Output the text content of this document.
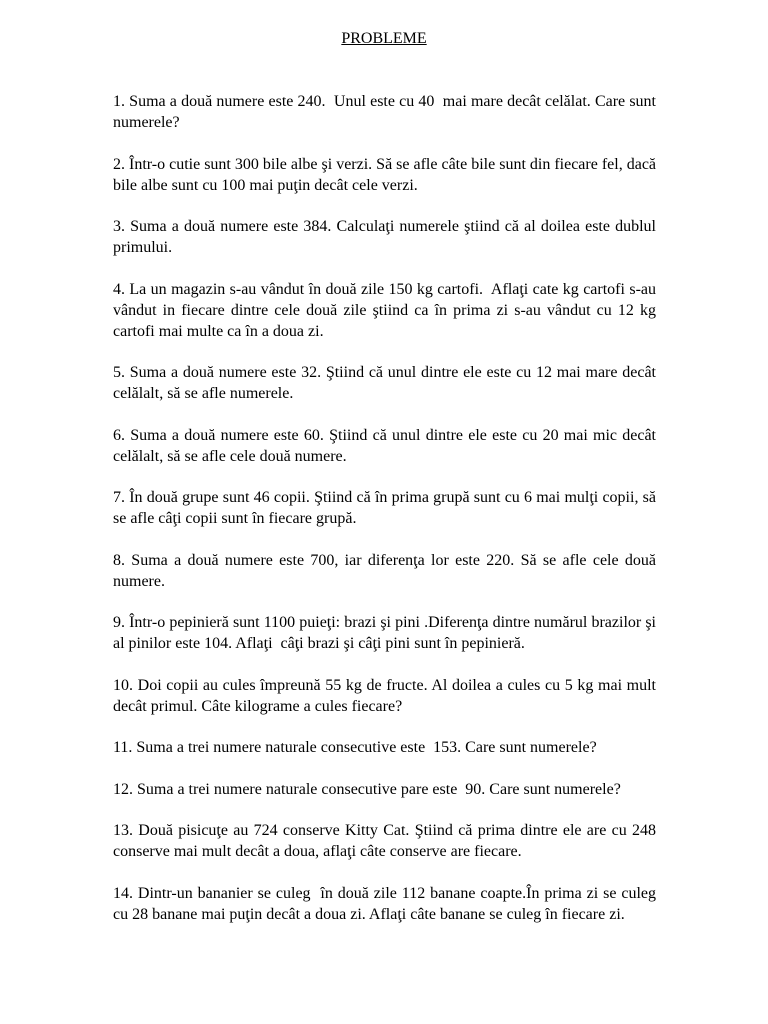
PROBLEME
1. Suma a două numere este 240.  Unul este cu 40  mai mare decât celălat. Care sunt numerele?
2. Într-o cutie sunt 300 bile albe şi verzi. Să se afle câte bile sunt din fiecare fel, dacă bile albe sunt cu 100 mai puţin decât cele verzi.
3. Suma a două numere este 384. Calculaţi numerele ştiind că al doilea este dublul primului.
4. La un magazin s-au vândut în două zile 150 kg cartofi.  Aflaţi cate kg cartofi s-au vândut in fiecare dintre cele două zile ştiind ca în prima zi s-au vândut cu 12 kg cartofi mai multe ca în a doua zi.
5. Suma a două numere este 32. Ştiind că unul dintre ele este cu 12 mai mare decât celălalt, să se afle numerele.
6. Suma a două numere este 60. Ştiind că unul dintre ele este cu 20 mai mic decât celălalt, să se afle cele două numere.
7. În două grupe sunt 46 copii. Ştiind că în prima grupă sunt cu 6 mai mulţi copii, să se afle câţi copii sunt în fiecare grupă.
8. Suma a două numere este 700, iar diferenţa lor este 220. Să se afle cele două numere.
9. Într-o pepinieră sunt 1100 puieţi: brazi şi pini .Diferenţa dintre numărul brazilor şi al pinilor este 104. Aflaţi  câţi brazi şi câţi pini sunt în pepinieră.
10. Doi copii au cules împreună 55 kg de fructe. Al doilea a cules cu 5 kg mai mult decât primul. Câte kilograme a cules fiecare?
11. Suma a trei numere naturale consecutive este  153. Care sunt numerele?
12. Suma a trei numere naturale consecutive pare este  90. Care sunt numerele?
13. Două pisicuţe au 724 conserve Kitty Cat. Ştiind că prima dintre ele are cu 248 conserve mai mult decât a doua, aflaţi câte conserve are fiecare.
14. Dintr-un bananier se culeg  în două zile 112 banane coapte.În prima zi se culeg cu 28 banane mai puţin decât a doua zi. Aflaţi câte banane se culeg în fiecare zi.
